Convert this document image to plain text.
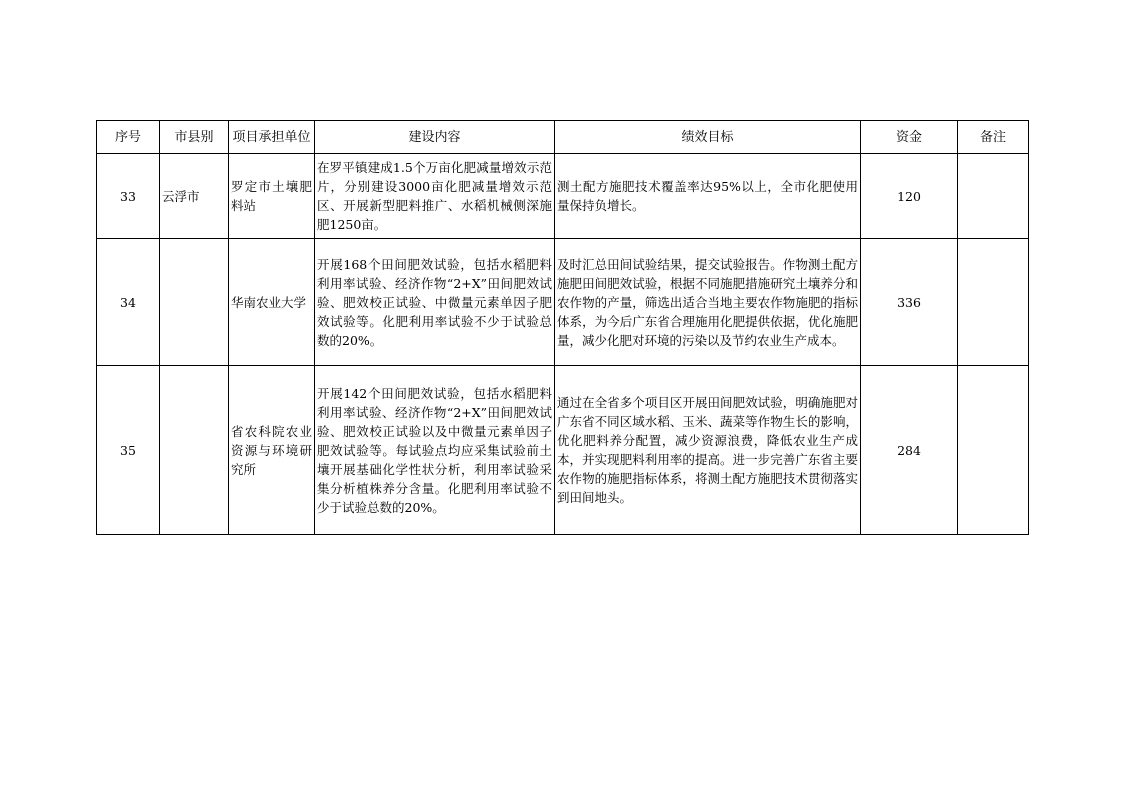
序号	市县别	项目承担单位	建设内容	绩效目标	资金	备注
33	云浮市	罗定市土壤肥料站	在罗平镇建成1.5个万亩化肥减量增效示范片，分别建设3000亩化肥减量增效示范区、开展新型肥料推广、水稻机械侧深施肥1250亩。	测土配方施肥技术覆盖率达95%以上，全市化肥使用量保持负增长。	120	
34		华南农业大学	开展168个田间肥效试验，包括水稻肥料利用率试验、经济作物“2+X”田间肥效试验、肥效校正试验、中微量元素单因子肥效试验等。化肥利用率试验不少于试验总数的20%。	及时汇总田间试验结果，提交试验报告。作物测土配方施肥田间肥效试验，根据不同施肥措施研究土壤养分和农作物的产量，筛选出适合当地主要农作物施肥的指标体系，为今后广东省合理施用化肥提供依据，优化施肥量，减少化肥对环境的污染以及节约农业生产成本。	336	
35		省农科院农业资源与环境研究所	开展142个田间肥效试验，包括水稻肥料利用率试验、经济作物“2+X”田间肥效试验、肥效校正试验以及中微量元素单因子肥效试验等。每试验点均应采集试验前土壤开展基础化学性状分析，利用率试验采集分析植株养分含量。化肥利用率试验不少于试验总数的20%。	通过在全省多个项目区开展田间肥效试验，明确施肥对广东省不同区域水稻、玉米、蔬菜等作物生长的影响，优化肥料养分配置，减少资源浪费，降低农业生产成本，并实现肥料利用率的提高。进一步完善广东省主要农作物的施肥指标体系，将测土配方施肥技术贯彻落实到田间地头。	284	
